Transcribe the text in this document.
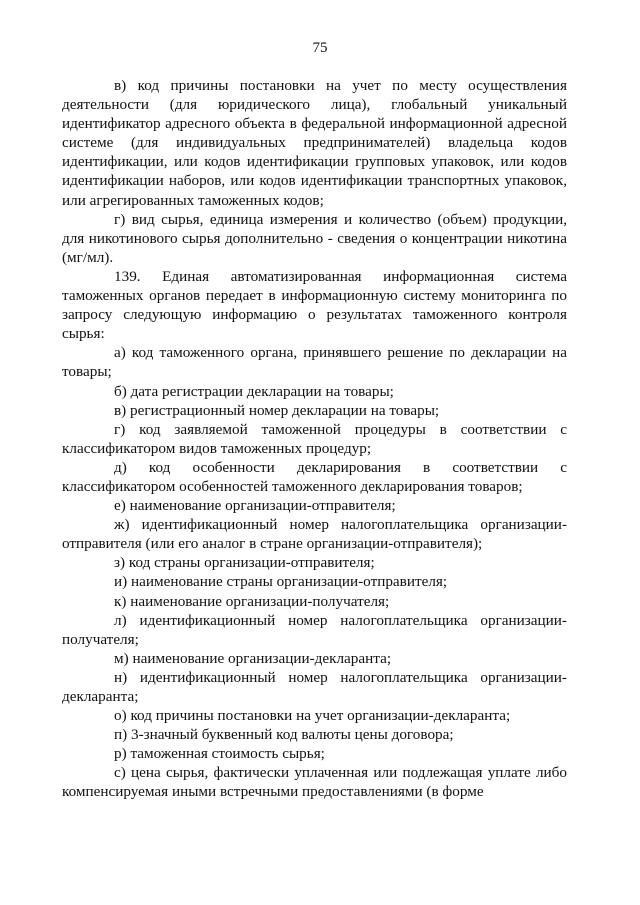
75

в) код причины постановки на учет по месту осуществления деятельности (для юридического лица), глобальный уникальный идентификатор адресного объекта в федеральной информационной адресной системе (для индивидуальных предпринимателей) владельца кодов идентификации, или кодов идентификации групповых упаковок, или кодов идентификации наборов, или кодов идентификации транспортных упаковок, или агрегированных таможенных кодов;

г) вид сырья, единица измерения и количество (объем) продукции, для никотинового сырья дополнительно - сведения о концентрации никотина (мг/мл).

139. Единая автоматизированная информационная система таможенных органов передает в информационную систему мониторинга по запросу следующую информацию о результатах таможенного контроля сырья:

а) код таможенного органа, принявшего решение по декларации на товары;

б) дата регистрации декларации на товары;

в) регистрационный номер декларации на товары;

г) код заявляемой таможенной процедуры в соответствии с классификатором видов таможенных процедур;

д) код особенности декларирования в соответствии с классификатором особенностей таможенного декларирования товаров;

е) наименование организации-отправителя;

ж) идентификационный номер налогоплательщика организации-отправителя (или его аналог в стране организации-отправителя);

з) код страны организации-отправителя;

и) наименование страны организации-отправителя;

к) наименование организации-получателя;

л) идентификационный номер налогоплательщика организации-получателя;

м) наименование организации-декларанта;

н) идентификационный номер налогоплательщика организации-декларанта;

о) код причины постановки на учет организации-декларанта;

п) 3-значный буквенный код валюты цены договора;

р) таможенная стоимость сырья;

с) цена сырья, фактически уплаченная или подлежащая уплате либо компенсируемая иными встречными предоставлениями (в форме
